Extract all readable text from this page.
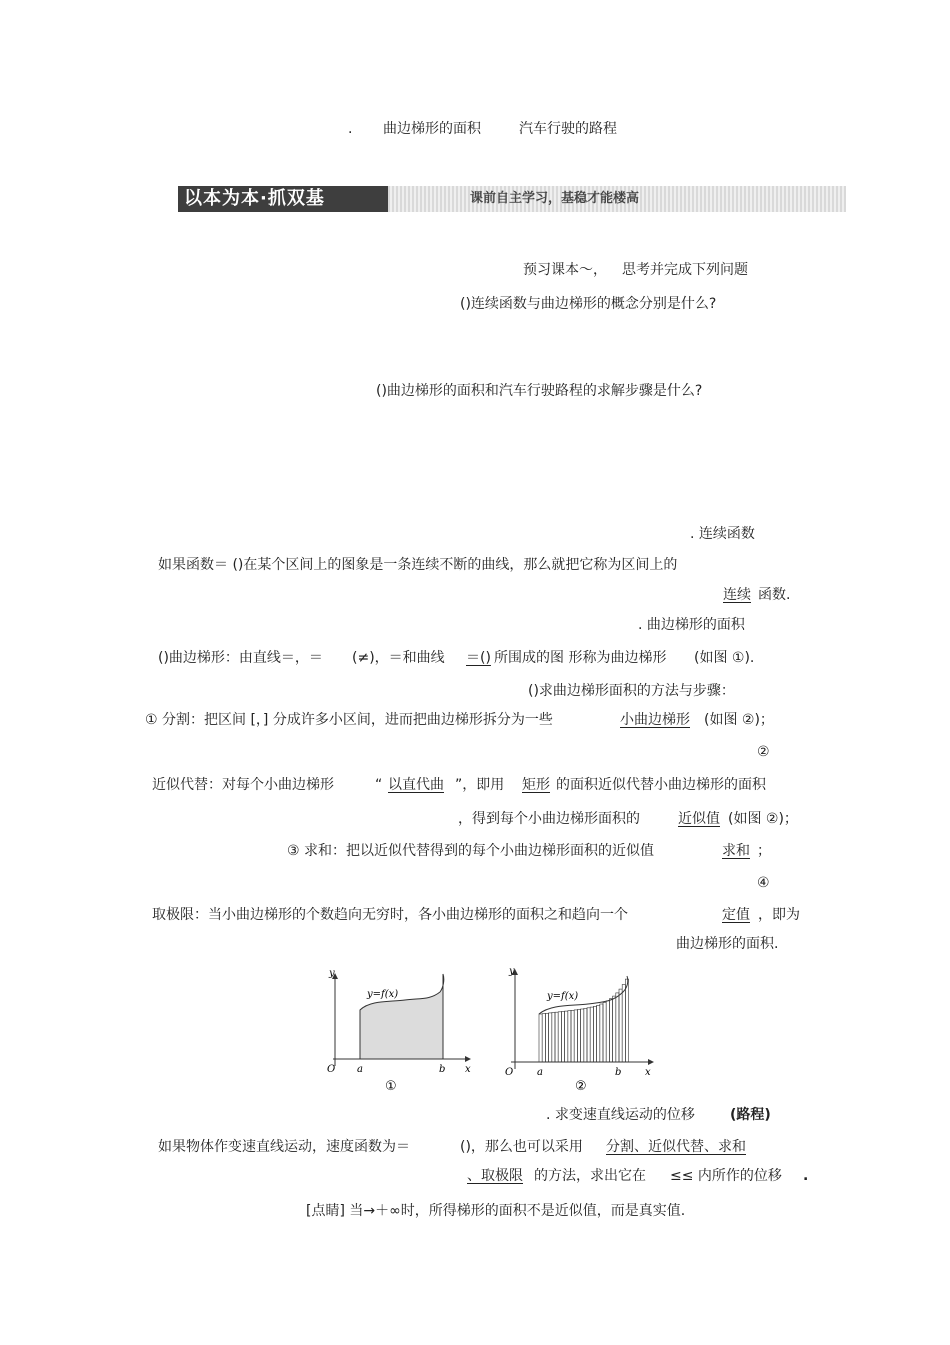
. 曲边梯形的面积	汽车行驶的路程
以本为本·抓双基	课前自主学习，基稳才能楼高
预习课本～， 思考并完成下列问题
()连续函数与曲边梯形的概念分别是什么?
()曲边梯形的面积和汽车行驶路程的求解步骤是什么?
. 连续函数
如果函数＝ ()在某个区间上的图象是一条连续不断的曲线，那么就把它称为区间上的
连续 函数.
. 曲边梯形的面积
()曲边梯形：由直线＝，＝ (≠)，＝和曲线 ＝() 所围成的图 形称为曲边梯形 (如图 ①).
()求曲边梯形面积的方法与步骤：
① 分割：把区间 [，] 分成许多小区间，进而把曲边梯形拆分为一些	小曲边梯形 (如图 ②)；
②
近似代替：对每个小曲边梯形	“ 以直代曲 ”，即用 矩形 的面积近似代替小曲边梯形的面积
，得到每个小曲边梯形面积的	近似值 (如图 ②)；
③ 求和：把以近似代替得到的每个小曲边梯形面积的近似值	求和 ；
④
取极限：当小曲边梯形的个数趋向无穷时，各小曲边梯形的面积之和趋向一个	定值 ，即为
曲边梯形的面积.
y
O a	b x
y=f(x)
①
y
O a	b x
y=f(x)
②
. 求变速直线运动的位移	(路程)
如果物体作变速直线运动，速度函数为＝	()，那么也可以采用 分割、近似代替、求和
、取极限 的方法，求出它在 ≤≤ 内所作的位移 .
[点睛] 当→＋∞时，所得梯形的面积不是近似值，而是真实值.
